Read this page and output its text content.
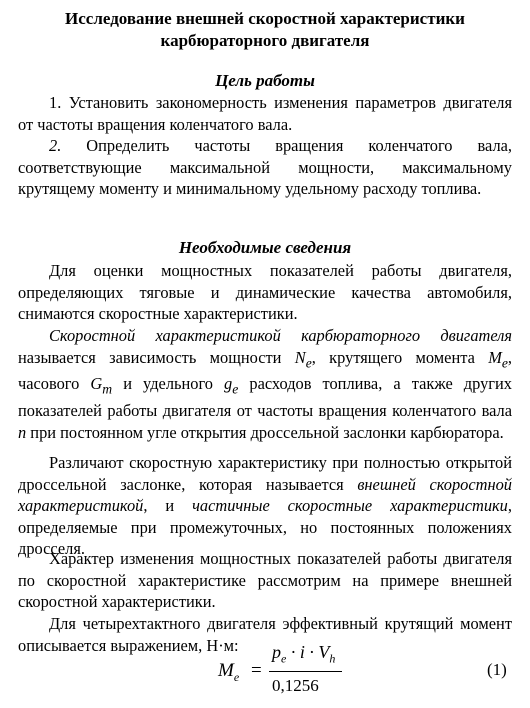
Исследование внешней скоростной характеристики
карбюраторного двигателя
Цель работы

1. Установить закономерность изменения параметров двигателя от частоты вращения коленчатого вала.

2. Определить частоты вращения коленчатого вала, соответствующие максимальной мощности, максимальному крутящему моменту и минимальному удельному расходу топлива.

Необходимые сведения

Для оценки мощностных показателей работы двигателя, определяющих тяговые и динамические качества автомобиля, снимаются скоростные характеристики.

Скоростной характеристикой карбюраторного двигателя называется зависимость мощности $N_e$, крутящего момента $M_e$, часового $G_т$ и удельного $g_e$ расходов топлива, а также других показателей работы двигателя от частоты вращения коленчатого вала n при постоянном угле открытия дроссельной заслонки карбюратора.

Различают скоростную характеристику при полностью открытой дроссельной заслонке, которая называется внешней скоростной характеристикой, и частичные скоростные характеристики, определяемые при промежуточных, но постоянных положениях дросселя.

Характер изменения мощностных показателей работы двигателя по скоростной характеристике рассмотрим на примере внешней скоростной характеристики.

Для четырехтактного двигателя эффективный крутящий момент описывается выражением, Н·м:

$M_e$ =
$p_e \cdot i \cdot V_h$
0,1256
(1)
